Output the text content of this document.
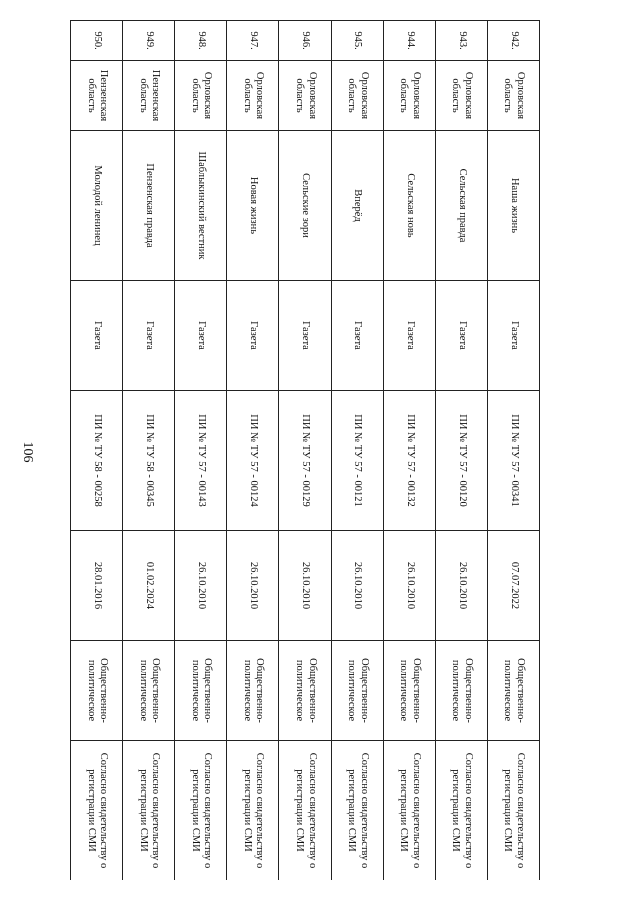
106
942.	Орловская область	Наша жизнь	Газета	ПИ № ТУ 57 - 00341	07.07.2022	Общественно-политическое	Согласно свидетельству о регистрации СМИ
943.	Орловская область	Сельская правда	Газета	ПИ № ТУ 57 - 00120	26.10.2010	Общественно-политическое	Согласно свидетельству о регистрации СМИ
944.	Орловская область	Сельская новь	Газета	ПИ № ТУ 57 - 00132	26.10.2010	Общественно-политическое	Согласно свидетельству о регистрации СМИ
945.	Орловская область	Вперёд	Газета	ПИ № ТУ 57 - 00121	26.10.2010	Общественно-политическое	Согласно свидетельству о регистрации СМИ
946.	Орловская область	Сельские зори	Газета	ПИ № ТУ 57 - 00129	26.10.2010	Общественно-политическое	Согласно свидетельству о регистрации СМИ
947.	Орловская область	Новая жизнь	Газета	ПИ № ТУ 57 - 00124	26.10.2010	Общественно-политическое	Согласно свидетельству о регистрации СМИ
948.	Орловская область	Шаблыкинский вестник	Газета	ПИ № ТУ 57 - 00143	26.10.2010	Общественно-политическое	Согласно свидетельству о регистрации СМИ
949.	Пензенская область	Пензенская правда	Газета	ПИ № ТУ 58 - 00345	01.02.2024	Общественно-политическое	Согласно свидетельству о регистрации СМИ
950.	Пензенская область	Молодой ленинец	Газета	ПИ № ТУ 58 - 00258	28.01.2016	Общественно-политическое	Согласно свидетельству о регистрации СМИ
